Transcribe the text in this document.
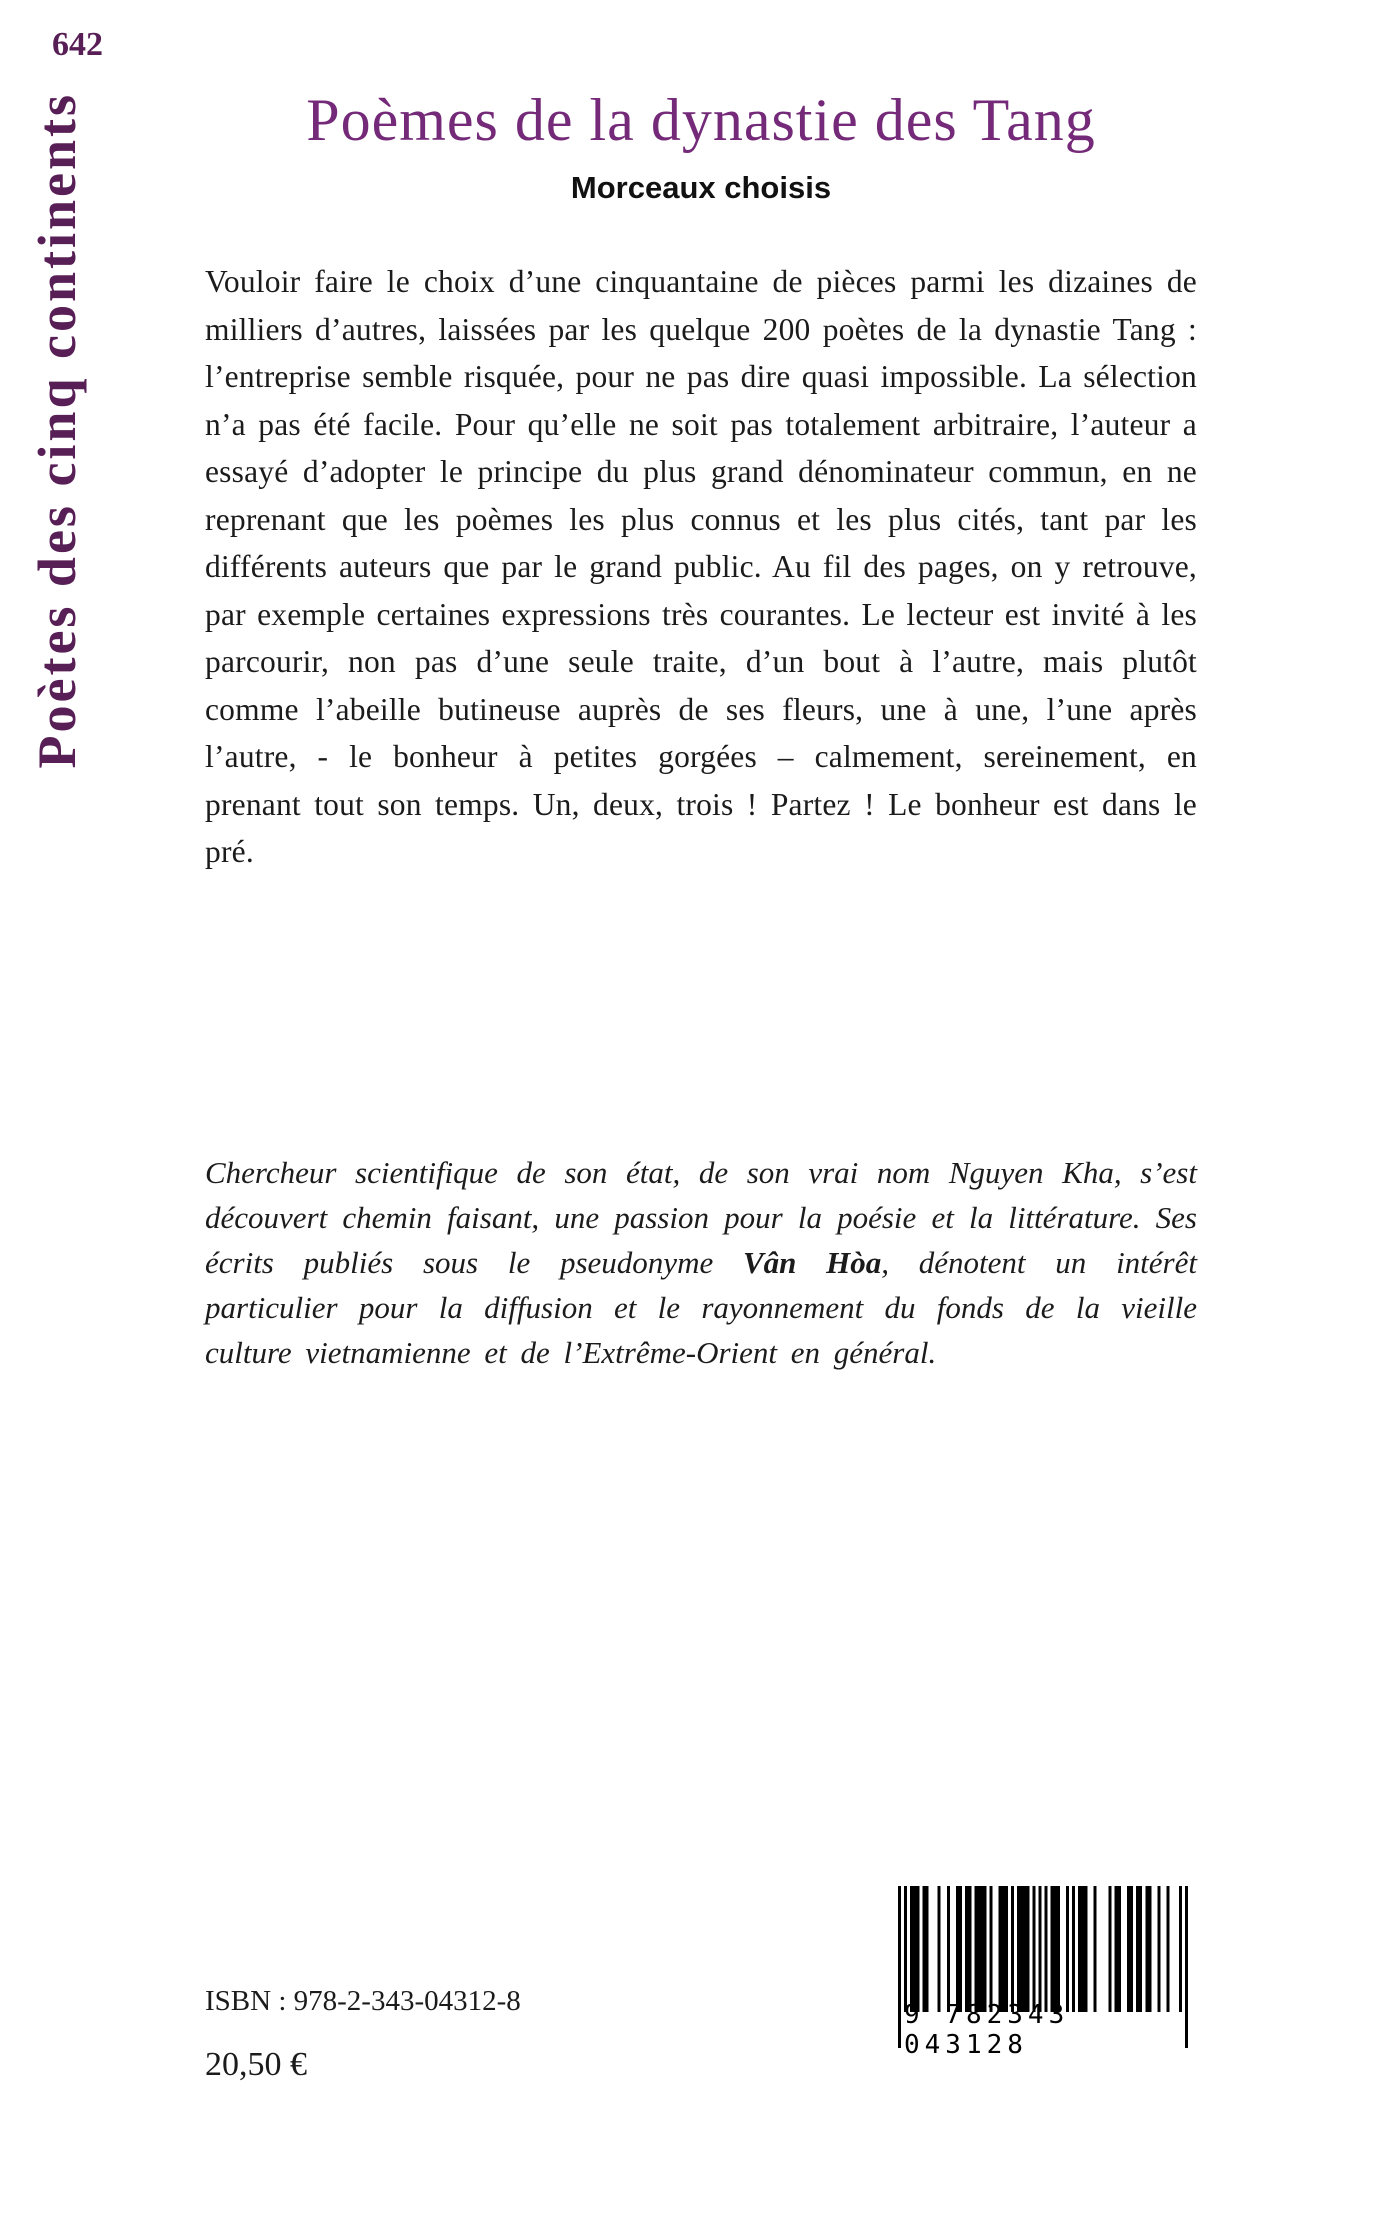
642
Poètes des cinq continents	Poèmes de la dynastie des Tang
Morceaux choisis

Vouloir faire le choix d’une cinquantaine de pièces parmi les dizaines de milliers d’autres, laissées par les quelque 200 poètes de la dynastie Tang : l’entreprise semble risquée, pour ne pas dire quasi impossible. La sélection n’a pas été facile. Pour qu’elle ne soit pas totalement arbitraire, l’auteur a essayé d’adopter le principe du plus grand dénominateur commun, en ne reprenant que les poèmes les plus connus et les plus cités, tant par les différents auteurs que par le grand public. Au fil des pages, on y retrouve, par exemple certaines expressions très courantes. Le lecteur est invité à les parcourir, non pas d’une seule traite, d’un bout à l’autre, mais plutôt comme l’abeille butineuse auprès de ses fleurs, une à une, l’une après l’autre, - le bonheur à petites gorgées – calmement, sereinement, en prenant tout son temps. Un, deux, trois ! Partez ! Le bonheur est dans le pré.

Chercheur scientifique de son état, de son vrai nom Nguyen Kha, s’est découvert chemin faisant, une passion pour la poésie et la littérature. Ses écrits publiés sous le pseudonyme Vân Hòa, dénotent un intérêt particulier pour la diffusion et le rayonnement du fonds de la vieille culture vietnamienne et de l’Extrême-Orient en général.

ISBN : 978-2-343-04312-8
20,50 €
9 782343 043128
